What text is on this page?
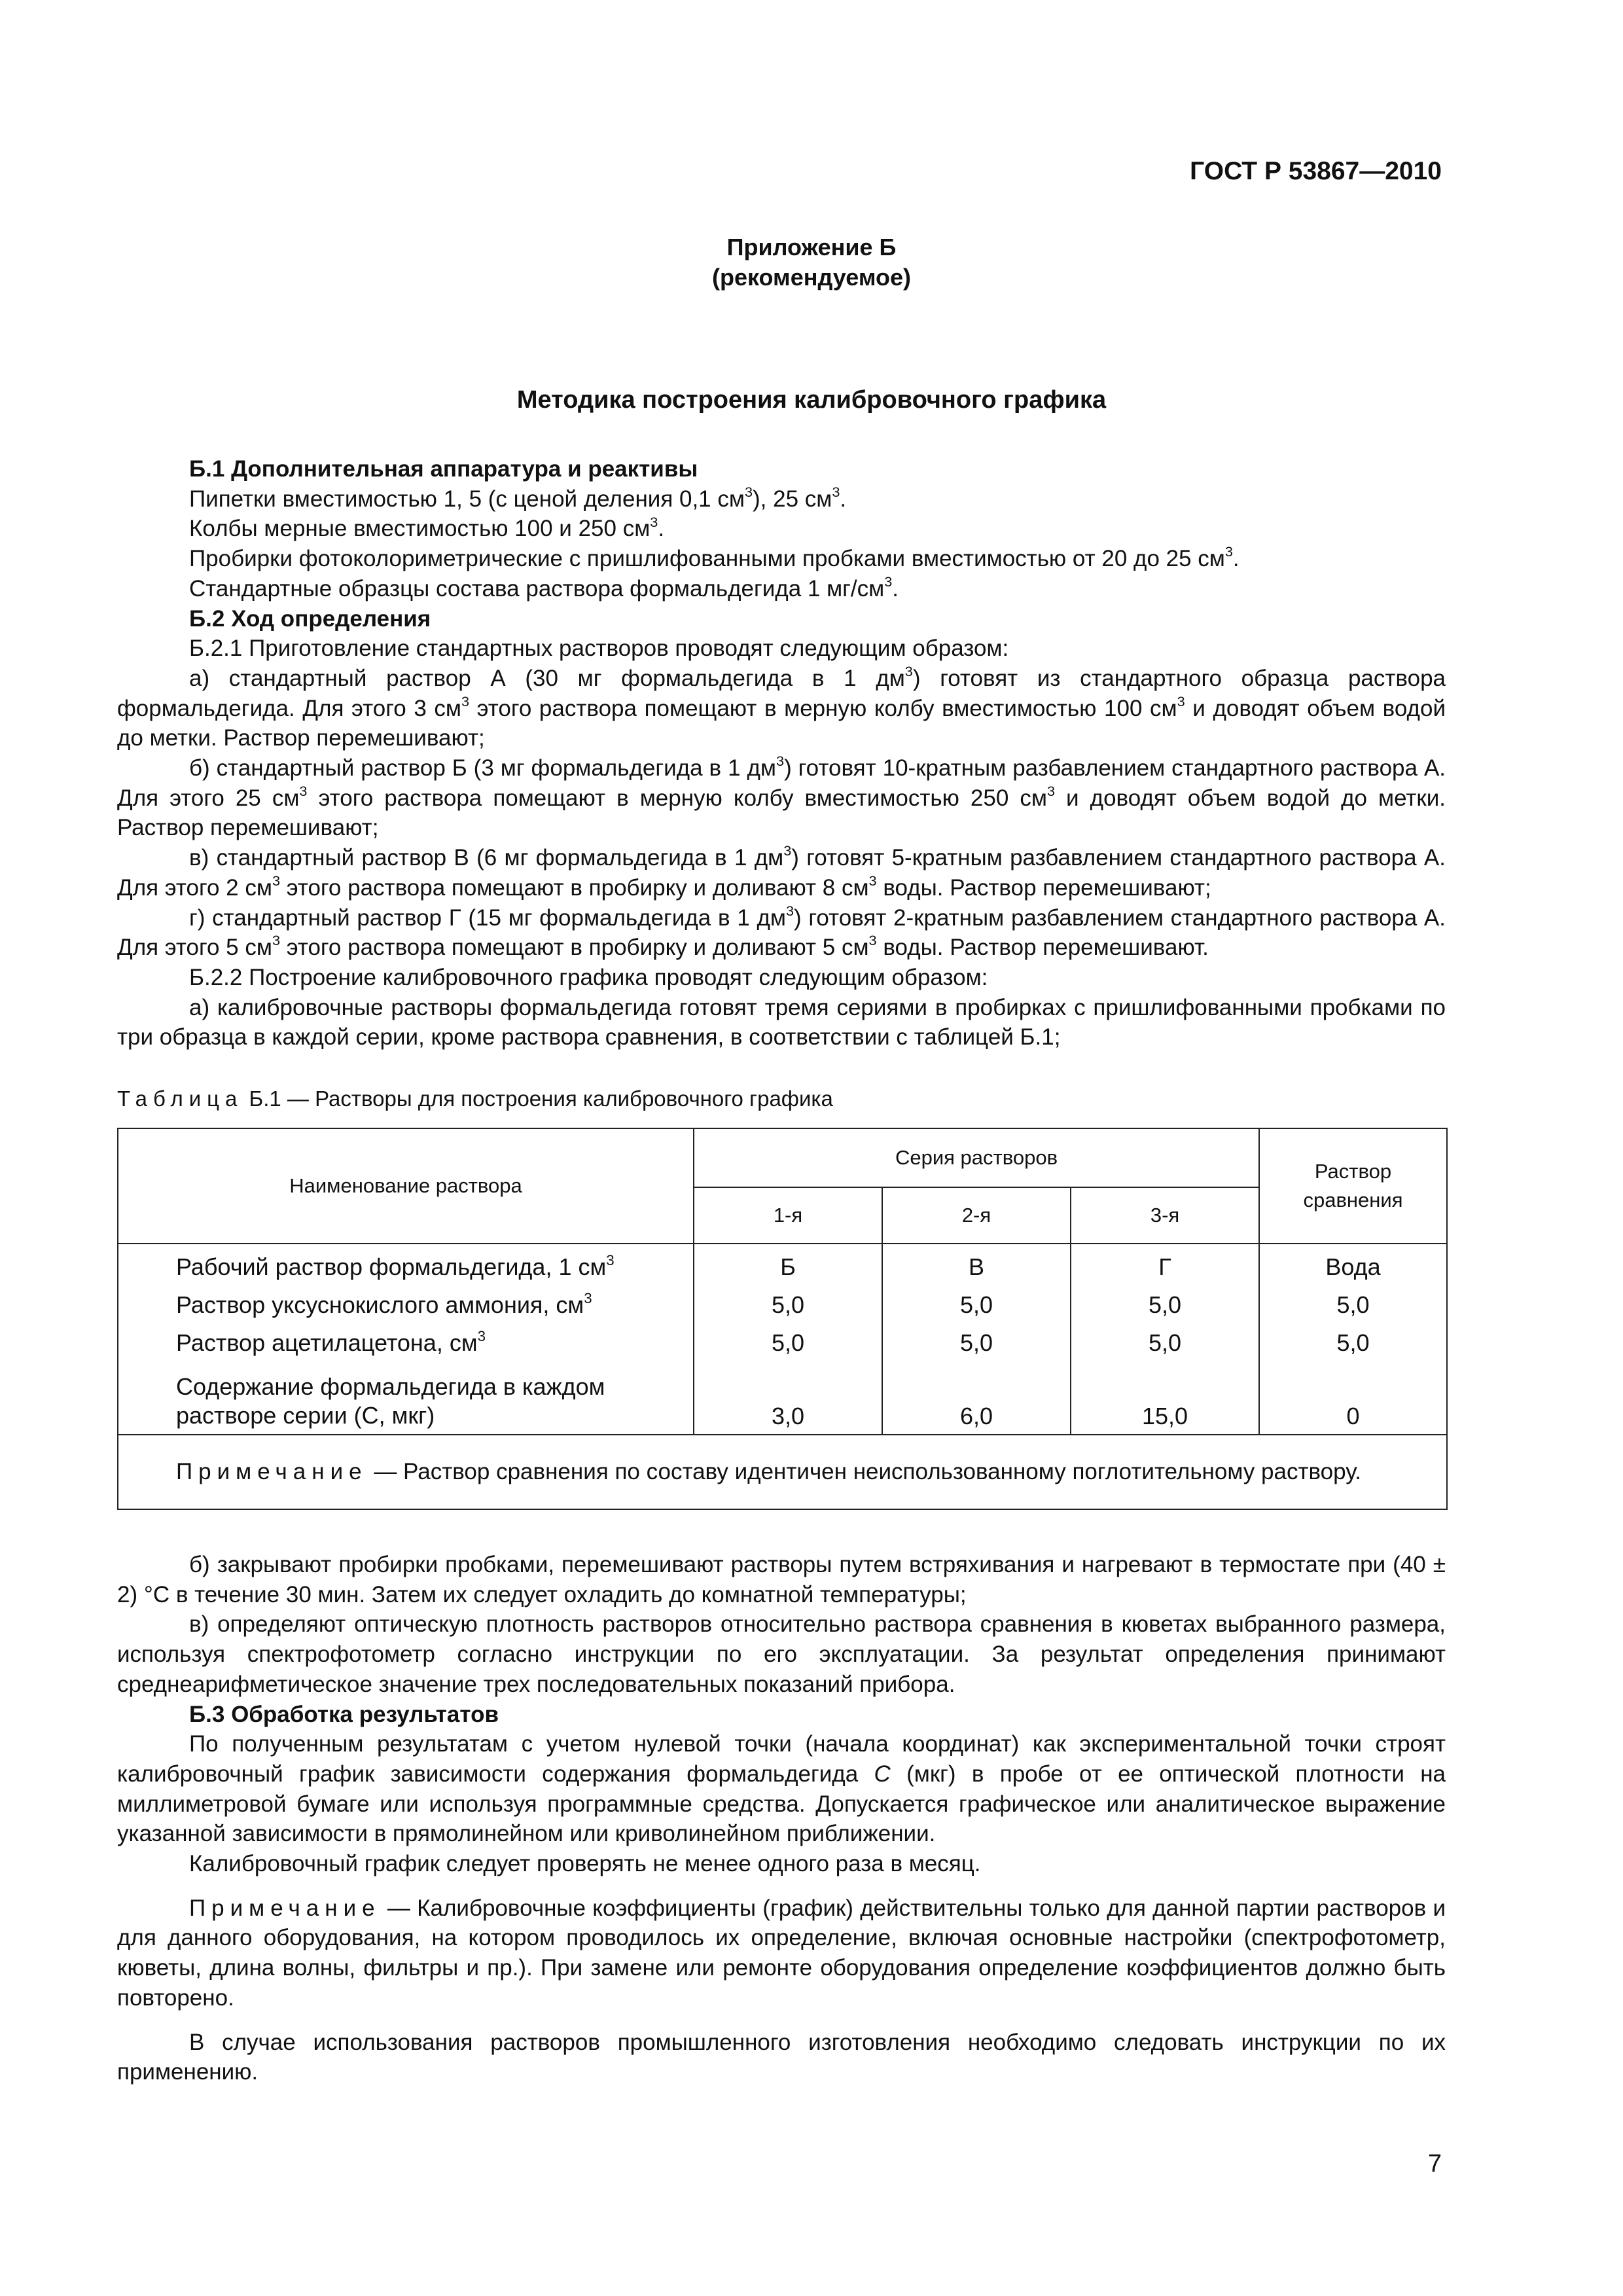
ГОСТ Р 53867—2010
Приложение Б
(рекомендуемое)
Методика построения калибровочного графика

Б.1 Дополнительная аппаратура и реактивы

Пипетки вместимостью 1, 5 (с ценой деления 0,1 $см^3$), 25 $см^3$.

Колбы мерные вместимостью 100 и 250 $см^3$.

Пробирки фотоколориметрические с пришлифованными пробками вместимостью от 20 до 25 $см^3$.

Стандартные образцы состава раствора формальдегида 1 $мг/см^3$.

Б.2 Ход определения

Б.2.1 Приготовление стандартных растворов проводят следующим образом:

а) стандартный раствор А (30 мг формальдегида в 1 $дм^3$) готовят из стандартного образца раствора формальдегида. Для этого 3 $см^3$ этого раствора помещают в мерную колбу вместимостью 100 $см^3$ и доводят объем водой до метки. Раствор перемешивают;

б) стандартный раствор Б (3 мг формальдегида в 1 $дм^3$) готовят 10-кратным разбавлением стандартного раствора А. Для этого 25 $см^3$ этого раствора помещают в мерную колбу вместимостью 250 $см^3$ и доводят объем водой до метки. Раствор перемешивают;

в) стандартный раствор В (6 мг формальдегида в 1 $дм^3$) готовят 5-кратным разбавлением стандартного раствора А. Для этого 2 $см^3$ этого раствора помещают в пробирку и доливают 8 $см^3$ воды. Раствор перемешивают;

г) стандартный раствор Г (15 мг формальдегида в 1 $дм^3$) готовят 2-кратным разбавлением стандартного раствора А. Для этого 5 $см^3$ этого раствора помещают в пробирку и доливают 5 $см^3$ воды. Раствор перемешивают.

Б.2.2 Построение калибровочного графика проводят следующим образом:

а) калибровочные растворы формальдегида готовят тремя сериями в пробирках с пришлифованными пробками по три образца в каждой серии, кроме раствора сравнения, в соответствии с таблицей Б.1;

Таблица Б.1 — Растворы для построения калибровочного графика
Наименование раствора	Серия растворов			Раствор
сравнения

	1-я	2-я	3-я	
Рабочий раствор формальдегида, 1 $см^3$	Б	В	Г	Вода
Раствор уксуснокислого аммония, $см^3$	5,0	5,0	5,0	5,0
Раствор ацетилацетона, $см^3$	5,0	5,0	5,0	5,0
Содержание формальдегида в каждом растворе серии (С, мкг)	3,0	6,0	15,0	0
Примечание — Раствор сравнения по составу идентичен неиспользованному поглотительному раствору.				

б) закрывают пробирки пробками, перемешивают растворы путем встряхивания и нагревают в термостате при (40 ± 2) °С в течение 30 мин. Затем их следует охладить до комнатной температуры;

в) определяют оптическую плотность растворов относительно раствора сравнения в кюветах выбранного размера, используя спектрофотометр согласно инструкции по его эксплуатации. За результат определения принимают среднеарифметическое значение трех последовательных показаний прибора.

Б.3 Обработка результатов

По полученным результатам с учетом нулевой точки (начала координат) как экспериментальной точки строят калибровочный график зависимости содержания формальдегида С (мкг) в пробе от ее оптической плотности на миллиметровой бумаге или используя программные средства. Допускается графическое или аналитическое выражение указанной зависимости в прямолинейном или криволинейном приближении.

Калибровочный график следует проверять не менее одного раза в месяц.

Примечание — Калибровочные коэффициенты (график) действительны только для данной партии растворов и для данного оборудования, на котором проводилось их определение, включая основные настройки (спектрофотометр, кюветы, длина волны, фильтры и пр.). При замене или ремонте оборудования определение коэффициентов должно быть повторено.

В случае использования растворов промышленного изготовления необходимо следовать инструкции по их применению.

7
